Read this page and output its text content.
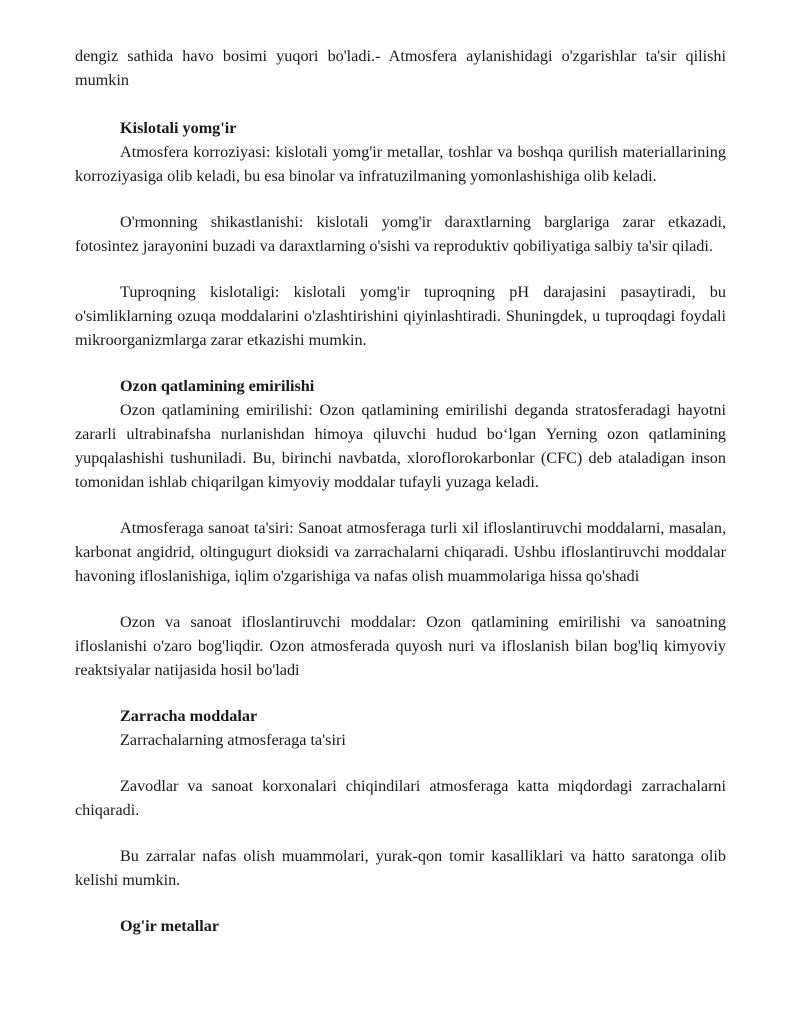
dengiz sathida havo bosimi yuqori bo'ladi.- Atmosfera aylanishidagi o'zgarishlar ta'sir qilishi mumkin

Kislotali yomg'ir

Atmosfera korroziyasi: kislotali yomg'ir metallar, toshlar va boshqa qurilish materiallarining korroziyasiga olib keladi, bu esa binolar va infratuzilmaning yomonlashishiga olib keladi.

O'rmonning shikastlanishi: kislotali yomg'ir daraxtlarning barglariga zarar etkazadi, fotosintez jarayonini buzadi va daraxtlarning o'sishi va reproduktiv qobiliyatiga salbiy ta'sir qiladi.

Tuproqning kislotaligi: kislotali yomg'ir tuproqning pH darajasini pasaytiradi, bu o'simliklarning ozuqa moddalarini o'zlashtirishini qiyinlashtiradi. Shuningdek, u tuproqdagi foydali mikroorganizmlarga zarar etkazishi mumkin.

Ozon qatlamining emirilishi

Ozon qatlamining emirilishi: Ozon qatlamining emirilishi deganda stratosferadagi hayotni zararli ultrabinafsha nurlanishdan himoya qiluvchi hudud bo‘lgan Yerning ozon qatlamining yupqalashishi tushuniladi. Bu, birinchi navbatda, xloroflorokarbonlar (CFC) deb ataladigan inson tomonidan ishlab chiqarilgan kimyoviy moddalar tufayli yuzaga keladi.

Atmosferaga sanoat ta'siri: Sanoat atmosferaga turli xil ifloslantiruvchi moddalarni, masalan, karbonat angidrid, oltingugurt dioksidi va zarrachalarni chiqaradi. Ushbu ifloslantiruvchi moddalar havoning ifloslanishiga, iqlim o'zgarishiga va nafas olish muammolariga hissa qo'shadi

Ozon va sanoat ifloslantiruvchi moddalar: Ozon qatlamining emirilishi va sanoatning ifloslanishi o'zaro bog'liqdir. Ozon atmosferada quyosh nuri va ifloslanish bilan bog'liq kimyoviy reaktsiyalar natijasida hosil bo'ladi

Zarracha moddalar

Zarrachalarning atmosferaga ta'siri

Zavodlar va sanoat korxonalari chiqindilari atmosferaga katta miqdordagi zarrachalarni chiqaradi.

Bu zarralar nafas olish muammolari, yurak-qon tomir kasalliklari va hatto saratonga olib kelishi mumkin.

Og'ir metallar
